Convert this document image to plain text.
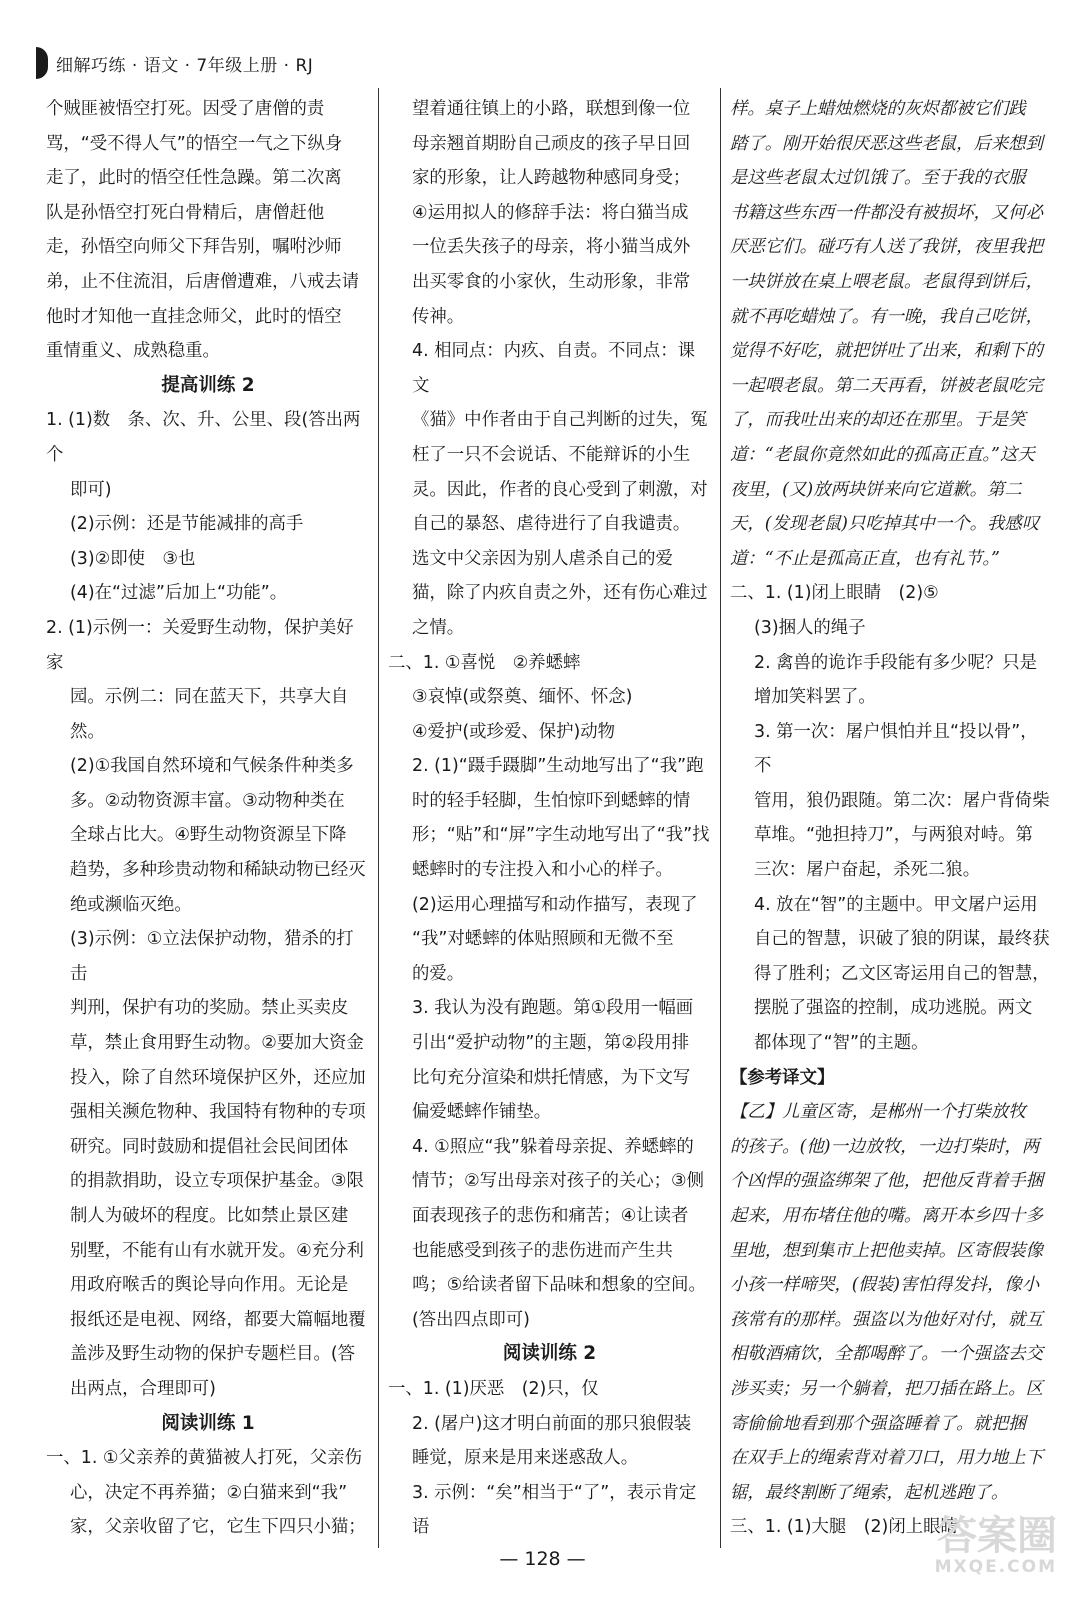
细解巧练 · 语文 · 7年级上册 · RJ

个贼匪被悟空打死。因受了唐僧的责

骂，“受不得人气”的悟空一气之下纵身

走了，此时的悟空任性急躁。第二次离

队是孙悟空打死白骨精后，唐僧赶他

走，孙悟空向师父下拜告别，嘱咐沙师

弟，止不住流泪，后唐僧遭难，八戒去请

他时才知他一直挂念师父，此时的悟空

重情重义、成熟稳重。

提高训练 2

1. (1)数　条、次、升、公里、段(答出两个

即可)

(2)示例：还是节能减排的高手

(3)②即使　③也

(4)在“过滤”后加上“功能”。

2. (1)示例一：关爱野生动物，保护美好家

园。示例二：同在蓝天下，共享大自然。

(2)①我国自然环境和气候条件种类多

多。②动物资源丰富。③动物种类在

全球占比大。④野生动物资源呈下降

趋势，多种珍贵动物和稀缺动物已经灭

绝或濒临灭绝。

(3)示例：①立法保护动物，猎杀的打击

判刑，保护有功的奖励。禁止买卖皮

草，禁止食用野生动物。②要加大资金

投入，除了自然环境保护区外，还应加

强相关濒危物种、我国特有物种的专项

研究。同时鼓励和提倡社会民间团体

的捐款捐助，设立专项保护基金。③限

制人为破坏的程度。比如禁止景区建

别墅，不能有山有水就开发。④充分利

用政府喉舌的舆论导向作用。无论是

报纸还是电视、网络，都要大篇幅地覆

盖涉及野生动物的保护专题栏目。(答

出两点，合理即可)

阅读训练 1

一、1. ①父亲养的黄猫被人打死，父亲伤

心，决定不再养猫；②白猫来到“我”

家，父亲收留了它，它生下四只小猫；

望着通往镇上的小路，联想到像一位

母亲翘首期盼自己顽皮的孩子早日回

家的形象，让人跨越物种感同身受；

④运用拟人的修辞手法：将白猫当成

一位丢失孩子的母亲，将小猫当成外

出买零食的小家伙，生动形象，非常

传神。

4. 相同点：内疚、自责。不同点：课文

《猫》中作者由于自己判断的过失，冤

枉了一只不会说话、不能辩诉的小生

灵。因此，作者的良心受到了刺激，对

自己的暴怒、虐待进行了自我谴责。

选文中父亲因为别人虐杀自己的爱

猫，除了内疚自责之外，还有伤心难过

之情。

二、1. ①喜悦　②养蟋蟀

③哀悼(或祭奠、缅怀、怀念)

④爱护(或珍爱、保护)动物

2. (1)“蹑手蹑脚”生动地写出了“我”跑

时的轻手轻脚，生怕惊吓到蟋蟀的情

形；“贴”和“屏”字生动地写出了“我”找

蟋蟀时的专注投入和小心的样子。

(2)运用心理描写和动作描写，表现了

“我”对蟋蟀的体贴照顾和无微不至

的爱。

3. 我认为没有跑题。第①段用一幅画

引出“爱护动物”的主题，第②段用排

比句充分渲染和烘托情感，为下文写

偏爱蟋蟀作铺垫。

4. ①照应“我”躲着母亲捉、养蟋蟀的

情节；②写出母亲对孩子的关心；③侧

面表现孩子的悲伤和痛苦；④让读者

也能感受到孩子的悲伤进而产生共

鸣；⑤给读者留下品味和想象的空间。

(答出四点即可)

阅读训练 2

一、1. (1)厌恶　(2)只，仅

2. (屠户)这才明白前面的那只狼假装

睡觉，原来是用来迷惑敌人。

3. 示例：“矣”相当于“了”，表示肯定语

样。桌子上蜡烛燃烧的灰烬都被它们践

踏了。刚开始很厌恶这些老鼠，后来想到

是这些老鼠太过饥饿了。至于我的衣服

书籍这些东西一件都没有被损坏，又何必

厌恶它们。碰巧有人送了我饼，夜里我把

一块饼放在桌上喂老鼠。老鼠得到饼后，

就不再吃蜡烛了。有一晚，我自己吃饼，

觉得不好吃，就把饼吐了出来，和剩下的

一起喂老鼠。第二天再看，饼被老鼠吃完

了，而我吐出来的却还在那里。于是笑

道：“老鼠你竟然如此的孤高正直。”这天

夜里，(又)放两块饼来向它道歉。第二

天，(发现老鼠)只吃掉其中一个。我感叹

道：“不止是孤高正直，也有礼节。”

二、1. (1)闭上眼睛　(2)⑤

(3)捆人的绳子

2. 禽兽的诡诈手段能有多少呢？只是

增加笑料罢了。

3. 第一次：屠户惧怕并且“投以骨”，不

管用，狼仍跟随。第二次：屠户背倚柴

草堆。“弛担持刀”，与两狼对峙。第

三次：屠户奋起，杀死二狼。

4. 放在“智”的主题中。甲文屠户运用

自己的智慧，识破了狼的阴谋，最终获

得了胜利；乙文区寄运用自己的智慧，

摆脱了强盗的控制，成功逃脱。两文

都体现了“智”的主题。

【参考译文】

【乙】儿童区寄，是郴州一个打柴放牧

的孩子。(他)一边放牧，一边打柴时，两

个凶悍的强盗绑架了他，把他反背着手捆

起来，用布堵住他的嘴。离开本乡四十多

里地，想到集市上把他卖掉。区寄假装像

小孩一样啼哭，(假装)害怕得发抖，像小

孩常有的那样。强盗以为他好对付，就互

相敬酒痛饮，全都喝醉了。一个强盗去交

涉买卖；另一个躺着，把刀插在路上。区

寄偷偷地看到那个强盗睡着了。就把捆

在双手上的绳索背对着刀口，用力地上下

锯，最终割断了绳索，起机逃跑了。

三、1. (1)大腿　(2)闭上眼睛

— 128 —	答案圈
MXQE.COM
